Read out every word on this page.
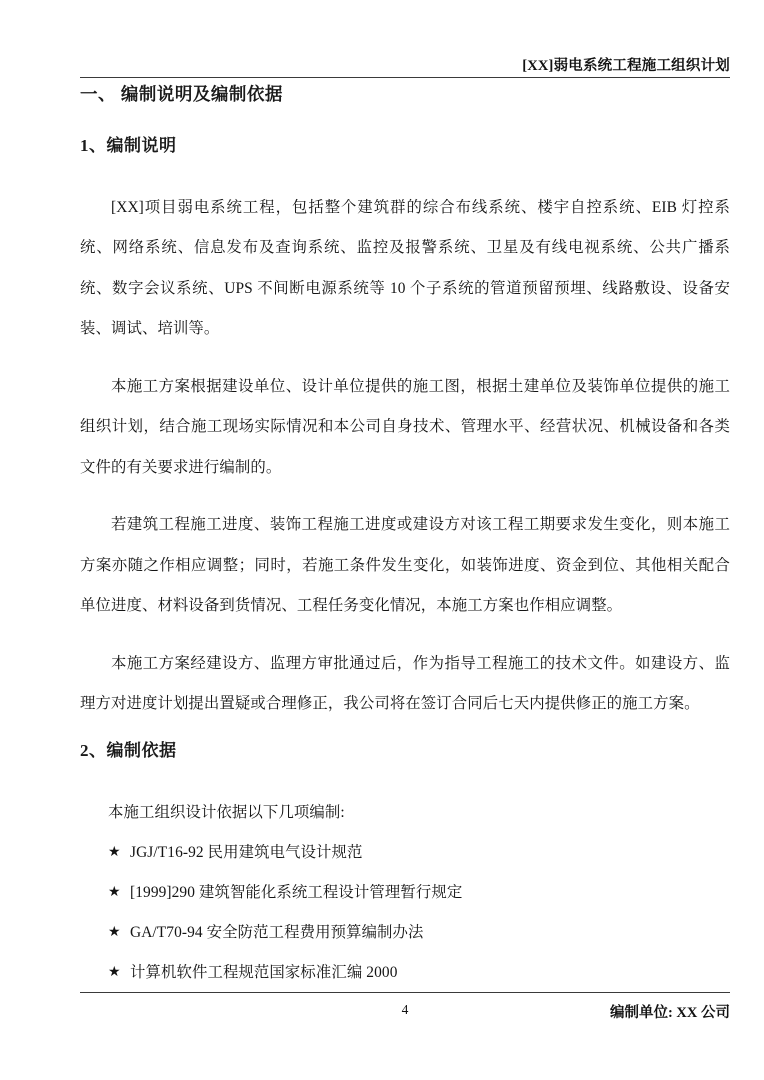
[XX]弱电系统工程施工组织计划
一、 编制说明及编制依据
1、编制说明

[XX]项目弱电系统工程，包括整个建筑群的综合布线系统、楼宇自控系统、EIB 灯控系统、网络系统、信息发布及查询系统、监控及报警系统、卫星及有线电视系统、公共广播系统、数字会议系统、UPS 不间断电源系统等 10 个子系统的管道预留预埋、线路敷设、设备安装、调试、培训等。

本施工方案根据建设单位、设计单位提供的施工图，根据土建单位及装饰单位提供的施工组织计划，结合施工现场实际情况和本公司自身技术、管理水平、经营状况、机械设备和各类文件的有关要求进行编制的。

若建筑工程施工进度、装饰工程施工进度或建设方对该工程工期要求发生变化，则本施工方案亦随之作相应调整；同时，若施工条件发生变化，如装饰进度、资金到位、其他相关配合单位进度、材料设备到货情况、工程任务变化情况，本施工方案也作相应调整。

本施工方案经建设方、监理方审批通过后，作为指导工程施工的技术文件。如建设方、监理方对进度计划提出置疑或合理修正，我公司将在签订合同后七天内提供修正的施工方案。

2、编制依据

本施工组织设计依据以下几项编制:

★ JGJ/T16-92 民用建筑电气设计规范
★ [1999]290 建筑智能化系统工程设计管理暂行规定
★ GA/T70-94 安全防范工程费用预算编制办法
★ 计算机软件工程规范国家标准汇编 2000
4	编制单位: XX 公司
